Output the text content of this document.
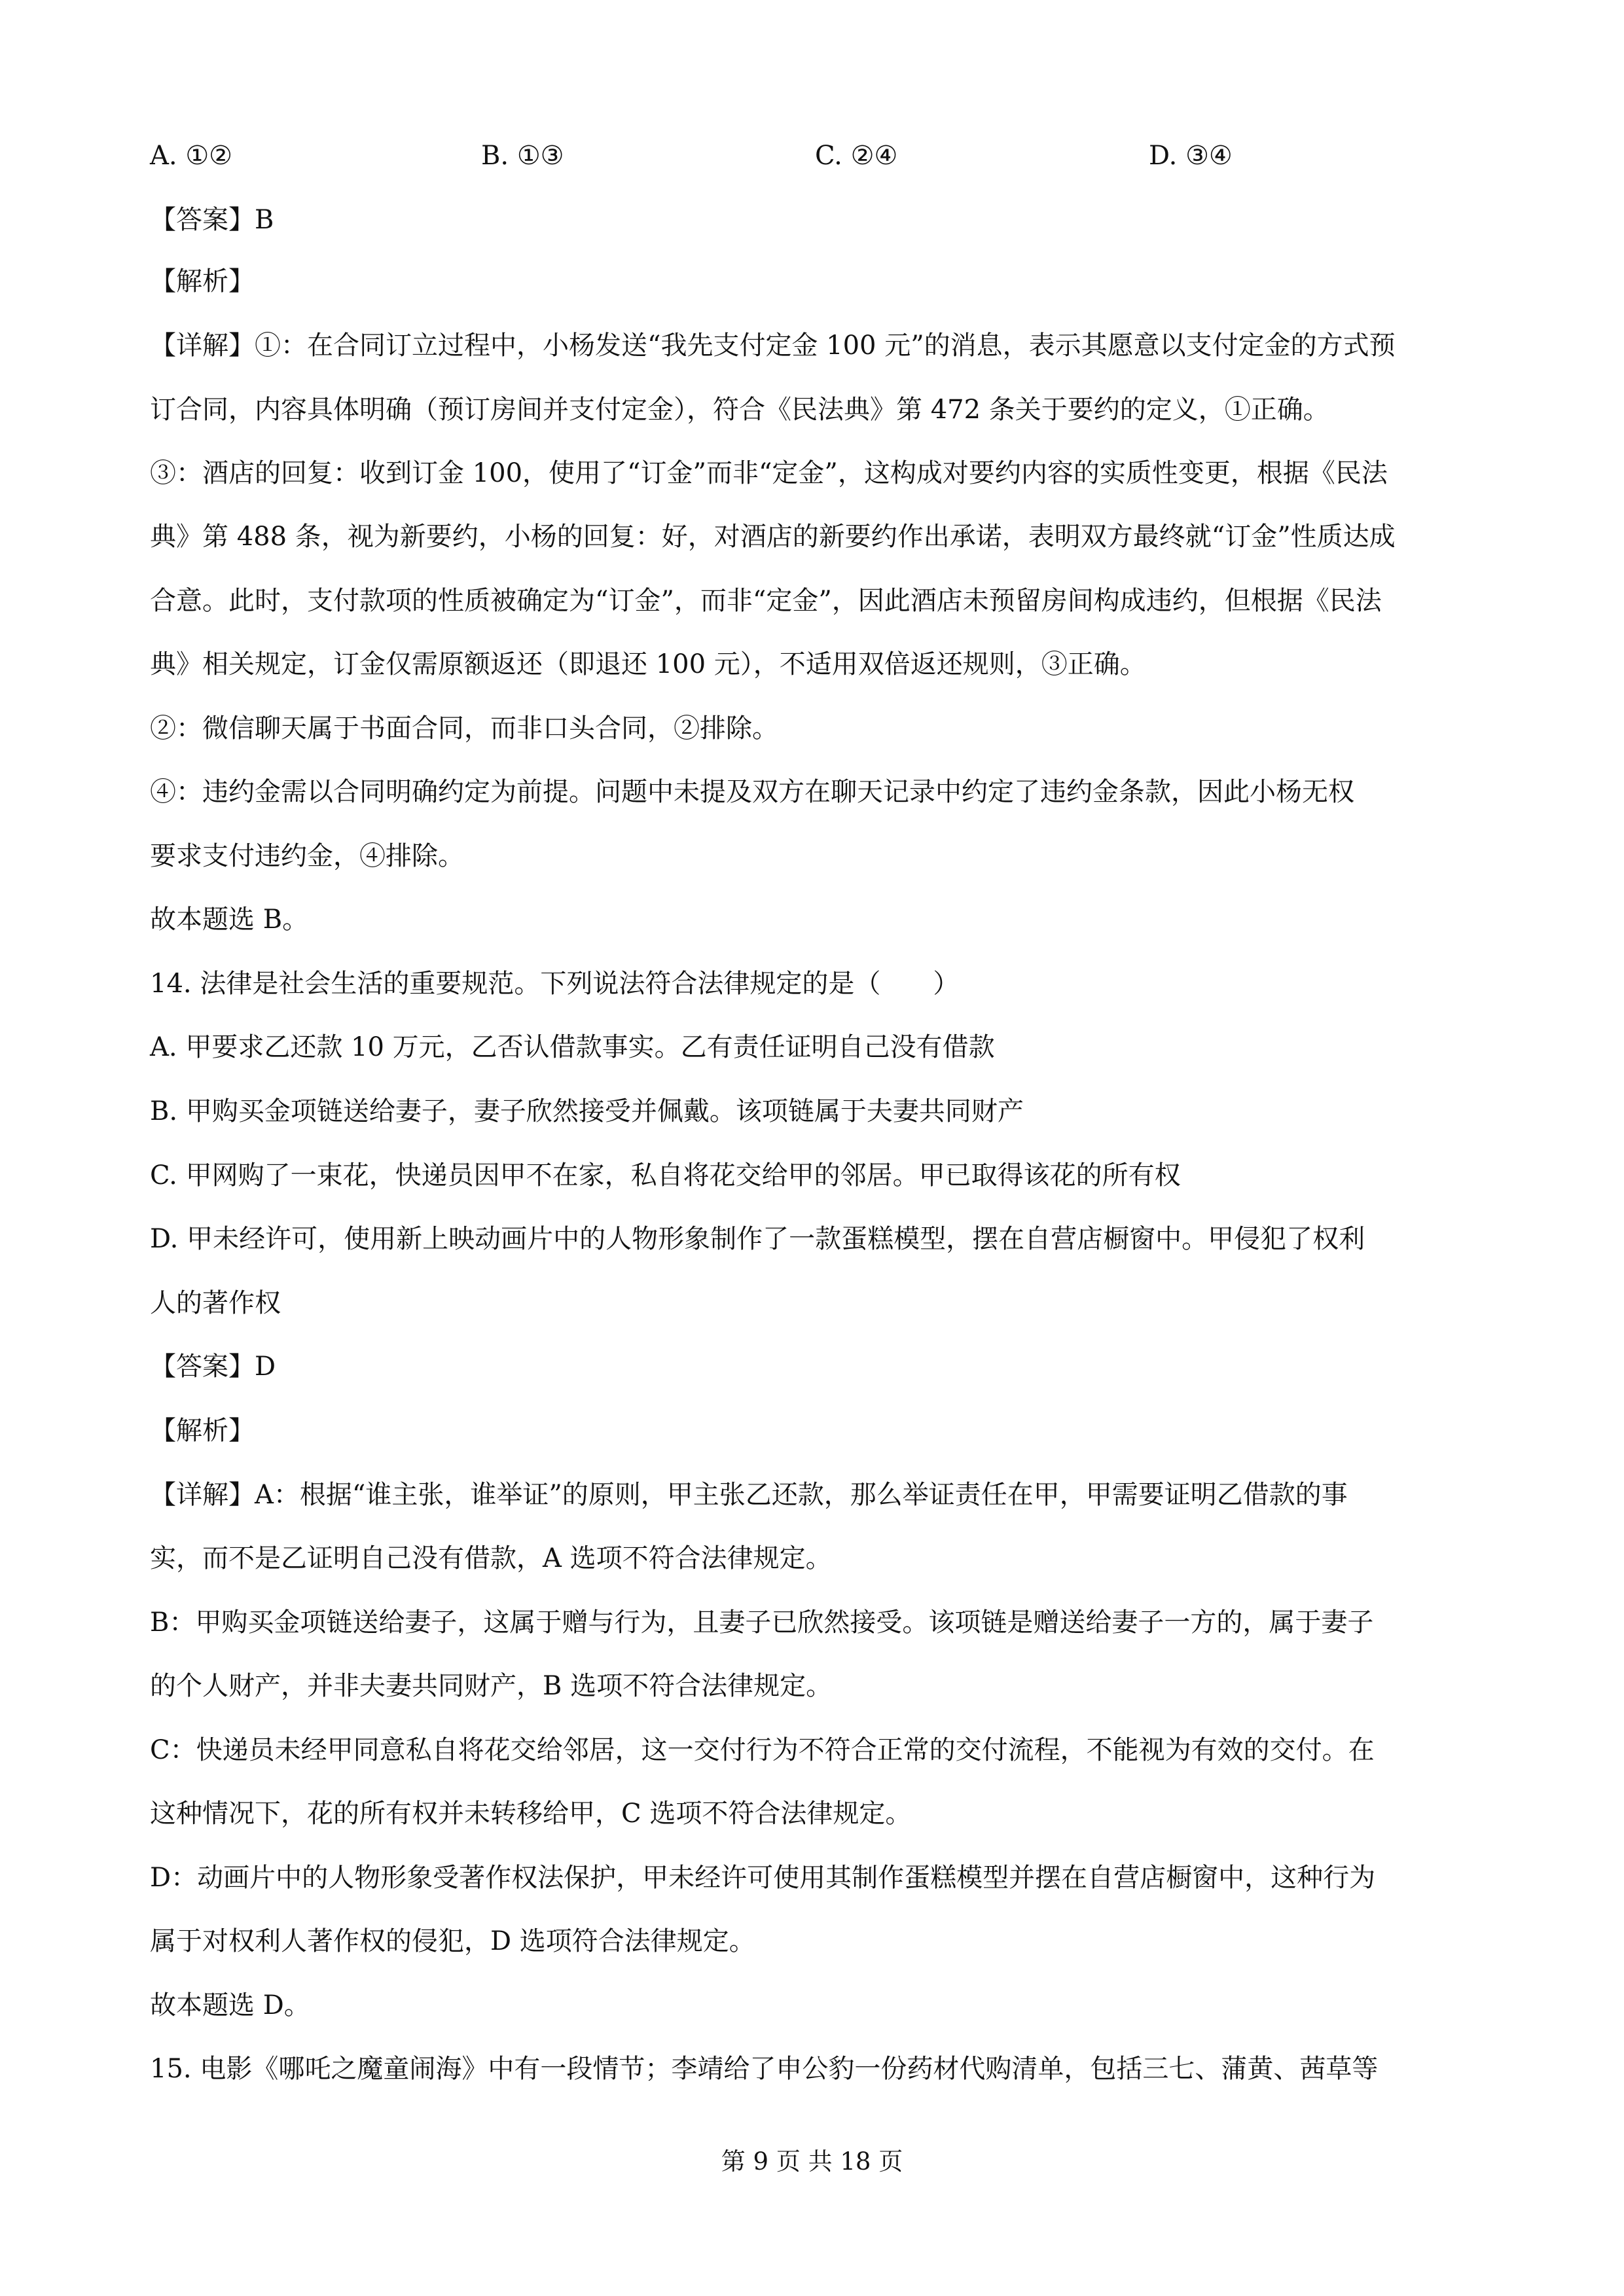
A. ①②	B. ①③	C. ②④	D. ③④
【答案】B
【解析】
【详解】①：在合同订立过程中，小杨发送“我先支付定金 100 元”的消息，表示其愿意以支付定金的方式预
订合同，内容具体明确（预订房间并支付定金），符合《民法典》第 472 条关于要约的定义，①正确。
③：酒店的回复：收到订金 100，使用了“订金”而非“定金”，这构成对要约内容的实质性变更，根据《民法
典》第 488 条，视为新要约，小杨的回复：好，对酒店的新要约作出承诺，表明双方最终就“订金”性质达成
合意。此时，支付款项的性质被确定为“订金”，而非“定金”，因此酒店未预留房间构成违约，但根据《民法
典》相关规定，订金仅需原额返还（即退还 100 元），不适用双倍返还规则，③正确。
②：微信聊天属于书面合同，而非口头合同，②排除。
④：违约金需以合同明确约定为前提。问题中未提及双方在聊天记录中约定了违约金条款，因此小杨无权
要求支付违约金，④排除。
故本题选 B。
14. 法律是社会生活的重要规范。下列说法符合法律规定的是（　　）
A. 甲要求乙还款 10 万元，乙否认借款事实。乙有责任证明自己没有借款
B. 甲购买金项链送给妻子，妻子欣然接受并佩戴。该项链属于夫妻共同财产
C. 甲网购了一束花，快递员因甲不在家，私自将花交给甲的邻居。甲已取得该花的所有权
D. 甲未经许可，使用新上映动画片中的人物形象制作了一款蛋糕模型，摆在自营店橱窗中。甲侵犯了权利
人的著作权
【答案】D
【解析】
【详解】A：根据“谁主张，谁举证”的原则，甲主张乙还款，那么举证责任在甲，甲需要证明乙借款的事
实，而不是乙证明自己没有借款，A 选项不符合法律规定。
B：甲购买金项链送给妻子，这属于赠与行为，且妻子已欣然接受。该项链是赠送给妻子一方的，属于妻子
的个人财产，并非夫妻共同财产，B 选项不符合法律规定。
C：快递员未经甲同意私自将花交给邻居，这一交付行为不符合正常的交付流程，不能视为有效的交付。在
这种情况下，花的所有权并未转移给甲，C 选项不符合法律规定。
D：动画片中的人物形象受著作权法保护，甲未经许可使用其制作蛋糕模型并摆在自营店橱窗中，这种行为
属于对权利人著作权的侵犯，D 选项符合法律规定。
故本题选 D。
15. 电影《哪吒之魔童闹海》中有一段情节；李靖给了申公豹一份药材代购清单，包括三七、蒲黄、茜草等
第 9 页 共 18 页
